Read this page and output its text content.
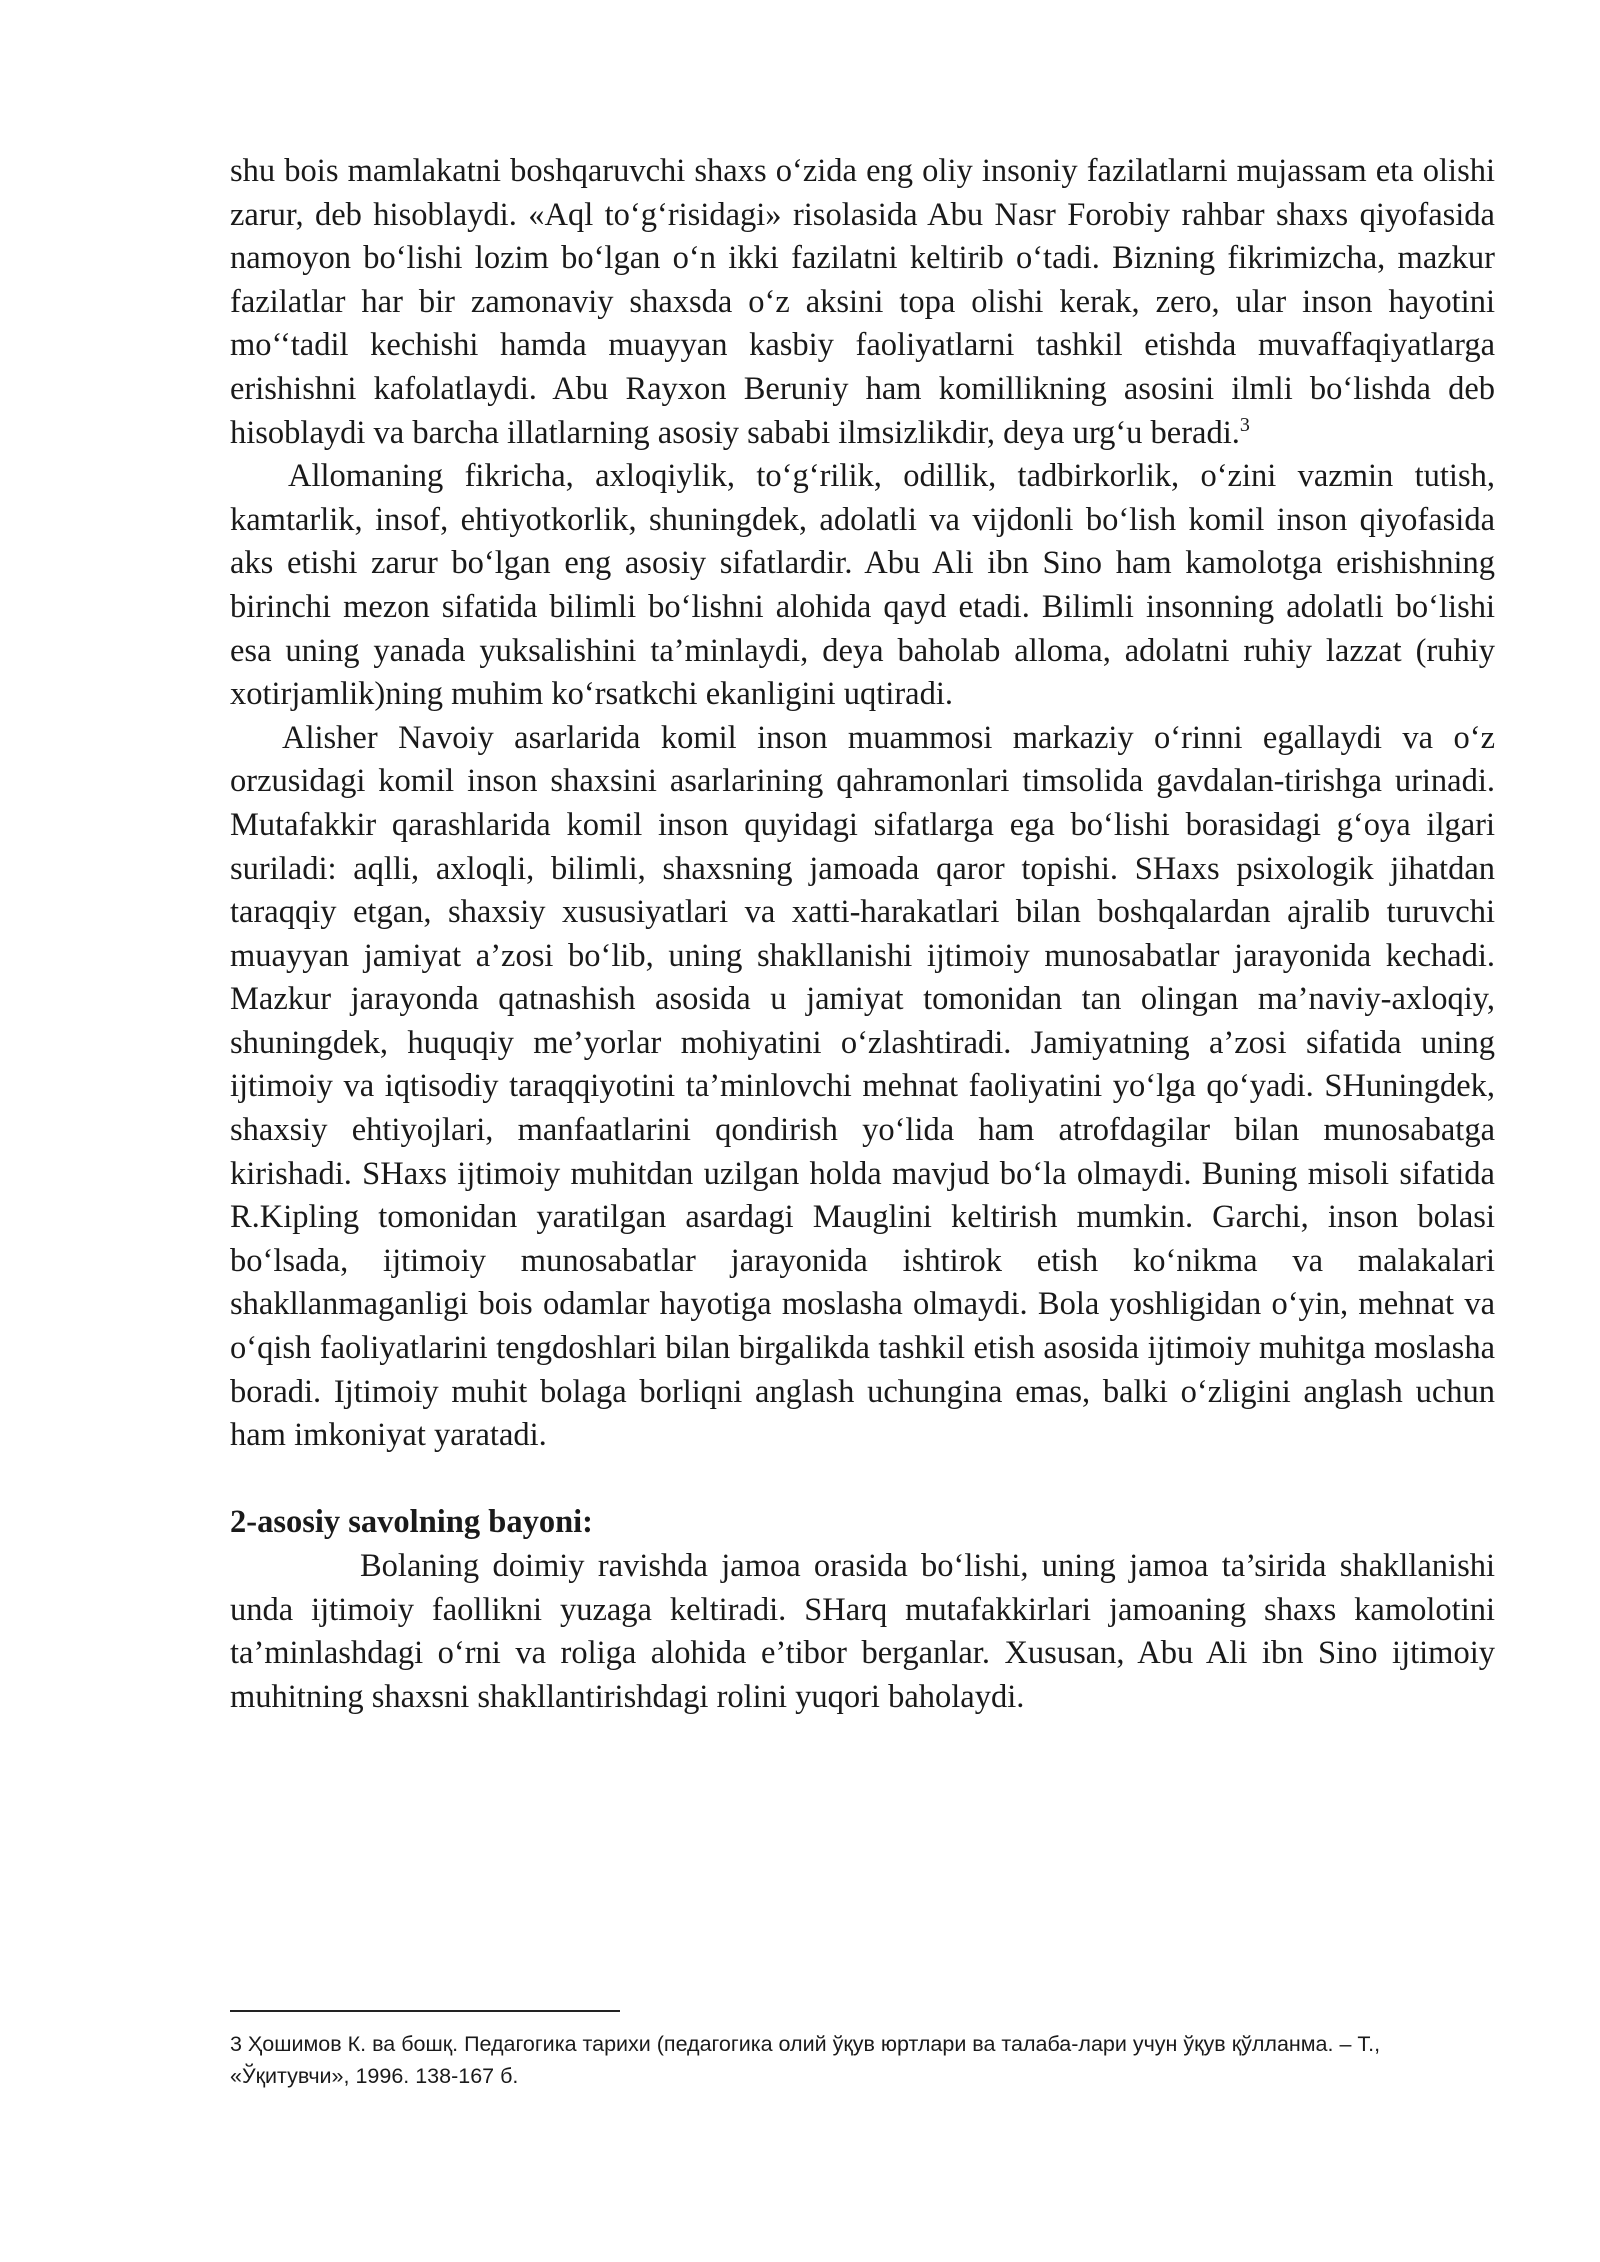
shu bois mamlakatni boshqaruvchi shaxs o‘zida eng oliy insoniy fazilatlarni mujassam eta olishi zarur, deb hisoblaydi. «Aql to‘g‘risidagi» risolasida Abu Nasr Forobiy rahbar shaxs qiyofasida namoyon bo‘lishi lozim bo‘lgan o‘n ikki fazilatni keltirib o‘tadi. Bizning fikrimizcha, mazkur fazilatlar har bir zamonaviy shaxsda o‘z aksini topa olishi kerak, zero, ular inson hayotini mo‘‘tadil kechishi hamda muayyan kasbiy faoliyatlarni tashkil etishda muvaffaqiyatlarga erishishni kafolatlaydi. Abu Rayxon Beruniy ham komillikning asosini ilmli bo‘lishda deb hisoblaydi va barcha illatlarning asosiy sababi ilmsizlikdir, deya urg‘u beradi.$^3$

Allomaning fikricha, axloqiylik, to‘g‘rilik, odillik, tadbirkorlik, o‘zini vazmin tutish, kamtarlik, insof, ehtiyotkorlik, shuningdek, adolatli va vijdonli bo‘lish komil inson qiyofasida aks etishi zarur bo‘lgan eng asosiy sifatlardir. Abu Ali ibn Sino ham kamolotga erishishning birinchi mezon sifatida bilimli bo‘lishni alohida qayd etadi. Bilimli insonning adolatli bo‘lishi esa uning yanada yuksalishini ta’minlaydi, deya baholab alloma, adolatni ruhiy lazzat (ruhiy xotirjamlik)ning muhim ko‘rsatkchi ekanligini uqtiradi.

Alisher Navoiy asarlarida komil inson muammosi markaziy o‘rinni egallaydi va o‘z orzusidagi komil inson shaxsini asarlarining qahramonlari timsolida gavdalan-tirishga urinadi. Mutafakkir qarashlarida komil inson quyidagi sifatlarga ega bo‘lishi borasidagi g‘oya ilgari suriladi: aqlli, axloqli, bilimli, shaxsning jamoada qaror topishi. SHaxs psixologik jihatdan taraqqiy etgan, shaxsiy xususiyatlari va xatti-harakatlari bilan boshqalardan ajralib turuvchi muayyan jamiyat a’zosi bo‘lib, uning shakllanishi ijtimoiy munosabatlar jarayonida kechadi. Mazkur jarayonda qatnashish asosida u jamiyat tomonidan tan olingan ma’naviy-axloqiy, shuningdek, huquqiy me’yorlar mohiyatini o‘zlashtiradi. Jamiyatning a’zosi sifatida uning ijtimoiy va iqtisodiy taraqqiyotini ta’minlovchi mehnat faoliyatini yo‘lga qo‘yadi. SHuningdek, shaxsiy ehtiyojlari, manfaatlarini qondirish yo‘lida ham atrofdagilar bilan munosabatga kirishadi. SHaxs ijtimoiy muhitdan uzilgan holda mavjud bo‘la olmaydi. Buning misoli sifatida R.Kipling tomonidan yaratilgan asardagi Mauglini keltirish mumkin. Garchi, inson bolasi bo‘lsada, ijtimoiy munosabatlar jarayonida ishtirok etish ko‘nikma va malakalari shakllanmaganligi bois odamlar hayotiga moslasha olmaydi. Bola yoshligidan o‘yin, mehnat va o‘qish faoliyatlarini tengdoshlari bilan birgalikda tashkil etish asosida ijtimoiy muhitga moslasha boradi. Ijtimoiy muhit bolaga borliqni anglash uchungina emas, balki o‘zligini anglash uchun ham imkoniyat yaratadi.

2-asosiy savolning bayoni:

Bolaning doimiy ravishda jamoa orasida bo‘lishi, uning jamoa ta’sirida shakllanishi unda ijtimoiy faollikni yuzaga keltiradi. SHarq mutafakkirlari jamoaning shaxs kamolotini ta’minlashdagi o‘rni va roliga alohida e’tibor berganlar. Xususan, Abu Ali ibn Sino ijtimoiy muhitning shaxsni shakllantirishdagi rolini yuqori baholaydi.

3 Ҳошимов К. ва бошқ. Педагогика тарихи (педагогика олий ўқув юртлари ва талаба-лари учун ўқув қўлланма. – Т., «Ўқитувчи», 1996. 138-167 б.
